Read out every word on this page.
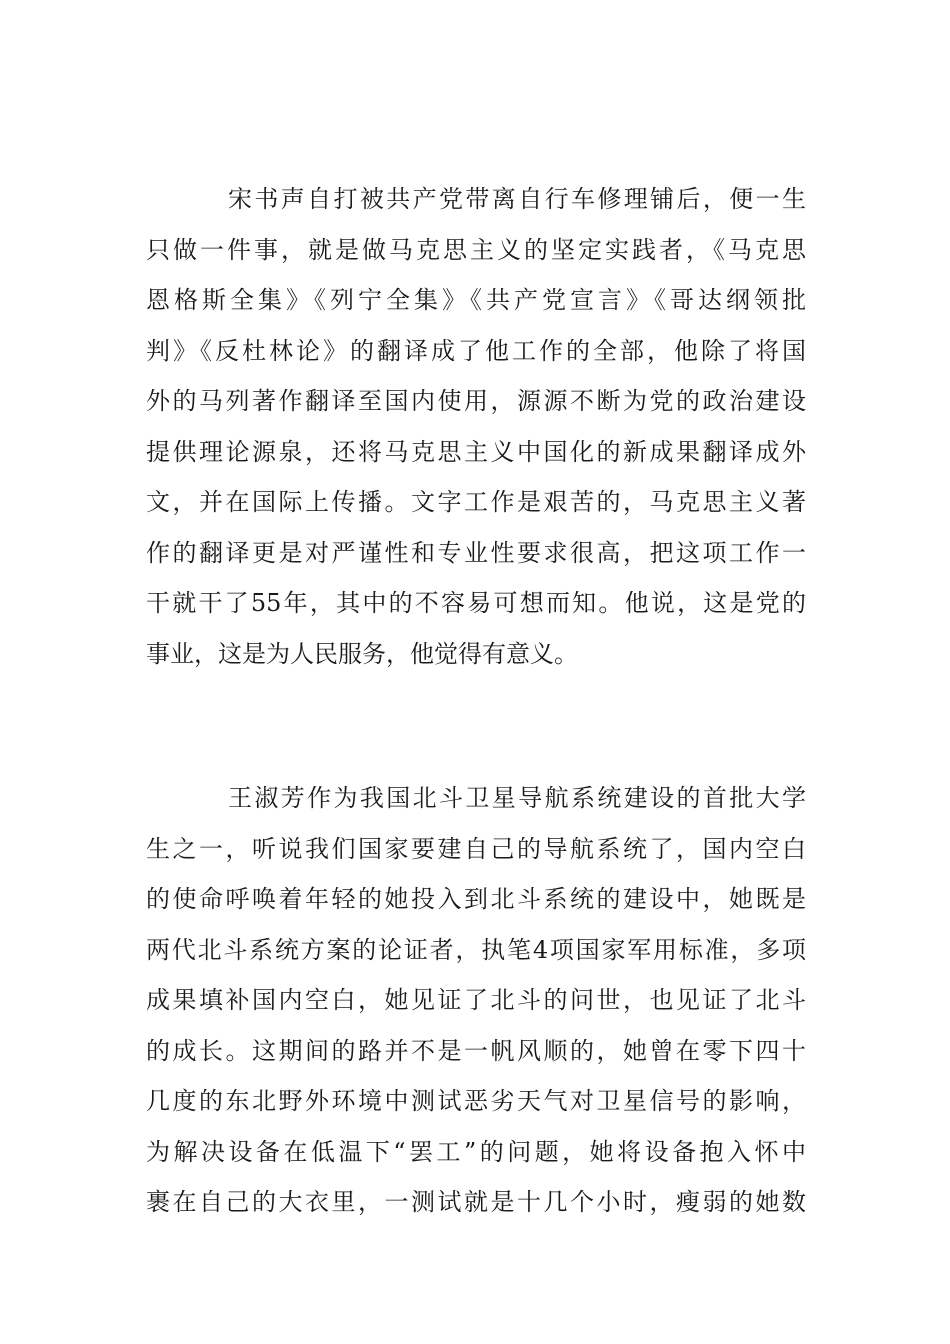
宋书声自打被共产党带离自行车修理铺后，便一生
只做一件事，就是做马克思主义的坚定实践者，《马克思
恩格斯全集》《列宁全集》《共产党宣言》《哥达纲领批
判》《反杜林论》的翻译成了他工作的全部，他除了将国
外的马列著作翻译至国内使用，源源不断为党的政治建设
提供理论源泉，还将马克思主义中国化的新成果翻译成外
文，并在国际上传播。文字工作是艰苦的，马克思主义著
作的翻译更是对严谨性和专业性要求很高，把这项工作一
干就干了55年，其中的不容易可想而知。他说，这是党的
事业，这是为人民服务，他觉得有意义。
王淑芳作为我国北斗卫星导航系统建设的首批大学
生之一，听说我们国家要建自己的导航系统了，国内空白
的使命呼唤着年轻的她投入到北斗系统的建设中，她既是
两代北斗系统方案的论证者，执笔4项国家军用标准，多项
成果填补国内空白，她见证了北斗的问世，也见证了北斗
的成长。这期间的路并不是一帆风顺的，她曾在零下四十
几度的东北野外环境中测试恶劣天气对卫星信号的影响，
为解决设备在低温下“罢工”的问题，她将设备抱入怀中
裹在自己的大衣里，一测试就是十几个小时，瘦弱的她数
